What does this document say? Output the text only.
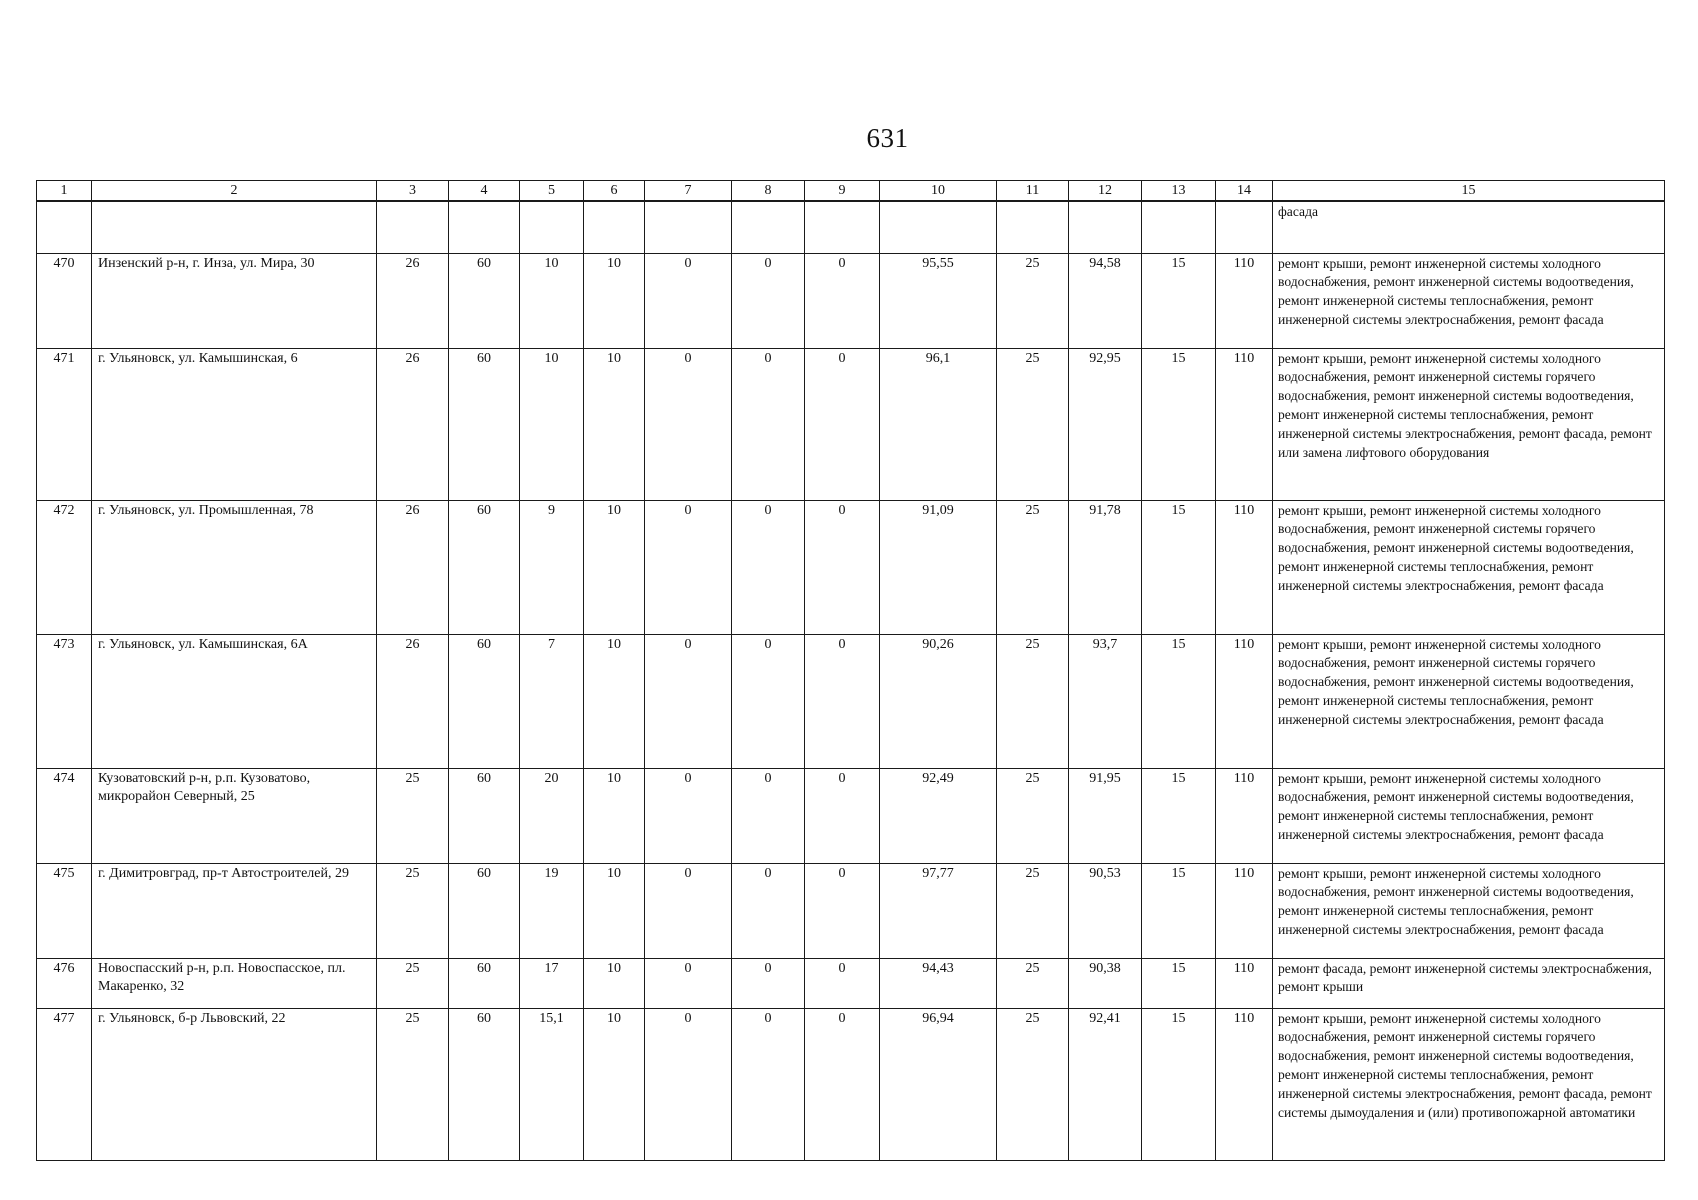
631
1	2	3	4	5	6	7	8	9	10	11	12	13	14	15
														фасада
470	Инзенский р-н, г. Инза, ул. Мира, 30	26	60	10	10	0	0	0	95,55	25	94,58	15	110	ремонт крыши, ремонт инженерной системы холодного водоснабжения, ремонт инженерной системы водоотведения, ремонт инженерной системы теплоснабжения, ремонт инженерной системы электроснабжения, ремонт фасада
471	г. Ульяновск, ул. Камышинская, 6	26	60	10	10	0	0	0	96,1	25	92,95	15	110	ремонт крыши, ремонт инженерной системы холодного водоснабжения, ремонт инженерной системы горячего водоснабжения, ремонт инженерной системы водоотведения, ремонт инженерной системы теплоснабжения, ремонт инженерной системы электроснабжения, ремонт фасада, ремонт или замена лифтового оборудования
472	г. Ульяновск, ул. Промышленная, 78	26	60	9	10	0	0	0	91,09	25	91,78	15	110	ремонт крыши, ремонт инженерной системы холодного водоснабжения, ремонт инженерной системы горячего водоснабжения, ремонт инженерной системы водоотведения, ремонт инженерной системы теплоснабжения, ремонт инженерной системы электроснабжения, ремонт фасада
473	г. Ульяновск, ул. Камышинская, 6А	26	60	7	10	0	0	0	90,26	25	93,7	15	110	ремонт крыши, ремонт инженерной системы холодного водоснабжения, ремонт инженерной системы горячего водоснабжения, ремонт инженерной системы водоотведения, ремонт инженерной системы теплоснабжения, ремонт инженерной системы электроснабжения, ремонт фасада
474	Кузоватовский р-н, р.п. Кузоватово, микрорайон Северный, 25	25	60	20	10	0	0	0	92,49	25	91,95	15	110	ремонт крыши, ремонт инженерной системы холодного водоснабжения, ремонт инженерной системы водоотведения, ремонт инженерной системы теплоснабжения, ремонт инженерной системы электроснабжения, ремонт фасада
475	г. Димитровград, пр-т Автостроителей, 29	25	60	19	10	0	0	0	97,77	25	90,53	15	110	ремонт крыши, ремонт инженерной системы холодного водоснабжения, ремонт инженерной системы водоотведения, ремонт инженерной системы теплоснабжения, ремонт инженерной системы электроснабжения, ремонт фасада
476	Новоспасский р-н, р.п. Новоспасское, пл. Макаренко, 32	25	60	17	10	0	0	0	94,43	25	90,38	15	110	ремонт фасада, ремонт инженерной системы электроснабжения, ремонт крыши
477	г. Ульяновск, б-р Львовский, 22	25	60	15,1	10	0	0	0	96,94	25	92,41	15	110	ремонт крыши, ремонт инженерной системы холодного водоснабжения, ремонт инженерной системы горячего водоснабжения, ремонт инженерной системы водоотведения, ремонт инженерной системы теплоснабжения, ремонт инженерной системы электроснабжения, ремонт фасада, ремонт системы дымоудаления и (или) противопожарной автоматики
